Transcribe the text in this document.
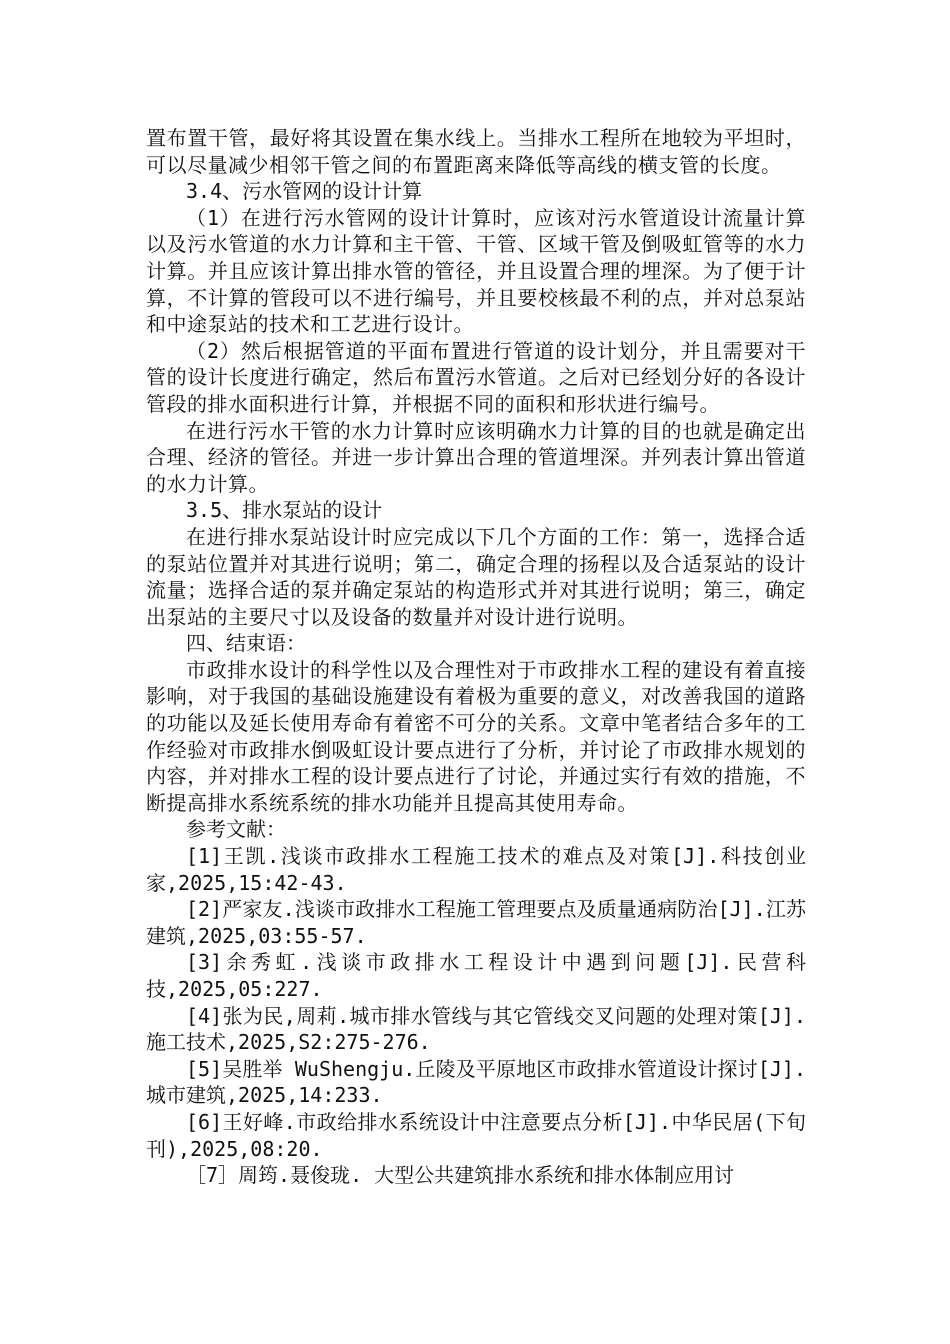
置布置干管，最好将其设置在集水线上。当排水工程所在地较为平坦时，可以尽量减少相邻干管之间的布置距离来降低等高线的横支管的长度。

3.4、污水管网的设计计算

（1）在进行污水管网的设计计算时，应该对污水管道设计流量计算以及污水管道的水力计算和主干管、干管、区域干管及倒吸虹管等的水力计算。并且应该计算出排水管的管径，并且设置合理的埋深。为了便于计算，不计算的管段可以不进行编号，并且要校核最不利的点，并对总泵站和中途泵站的技术和工艺进行设计。

（2）然后根据管道的平面布置进行管道的设计划分，并且需要对干管的设计长度进行确定，然后布置污水管道。之后对已经划分好的各设计管段的排水面积进行计算，并根据不同的面积和形状进行编号。

在进行污水干管的水力计算时应该明确水力计算的目的也就是确定出合理、经济的管径。并进一步计算出合理的管道埋深。并列表计算出管道的水力计算。

3.5、排水泵站的设计

在进行排水泵站设计时应完成以下几个方面的工作：第一，选择合适的泵站位置并对其进行说明；第二，确定合理的扬程以及合适泵站的设计流量；选择合适的泵并确定泵站的构造形式并对其进行说明；第三，确定出泵站的主要尺寸以及设备的数量并对设计进行说明。

四、结束语：

市政排水设计的科学性以及合理性对于市政排水工程的建设有着直接影响，对于我国的基础设施建设有着极为重要的意义，对改善我国的道路的功能以及延长使用寿命有着密不可分的关系。文章中笔者结合多年的工作经验对市政排水倒吸虹设计要点进行了分析，并讨论了市政排水规划的内容，并对排水工程的设计要点进行了讨论，并通过实行有效的措施，不断提高排水系统系统的排水功能并且提高其使用寿命。

参考文献：

[1]王凯.浅谈市政排水工程施工技术的难点及对策[J].科技创业家,2025,15:42-43.

[2]严家友.浅谈市政排水工程施工管理要点及质量通病防治[J].江苏建筑,2025,03:55-57.

[3]余秀虹.浅谈市政排水工程设计中遇到问题[J].民营科技,2025,05:227.

[4]张为民,周莉.城市排水管线与其它管线交叉问题的处理对策[J].施工技术,2025,S2:275-276.

[5]吴胜举 WuShengju.丘陵及平原地区市政排水管道设计探讨[J].城市建筑,2025,14:233.

[6]王好峰.市政给排水系统设计中注意要点分析[J].中华民居(下旬刊),2025,08:20.

［7］周筠.聂俊珑. 大型公共建筑排水系统和排水体制应用讨
